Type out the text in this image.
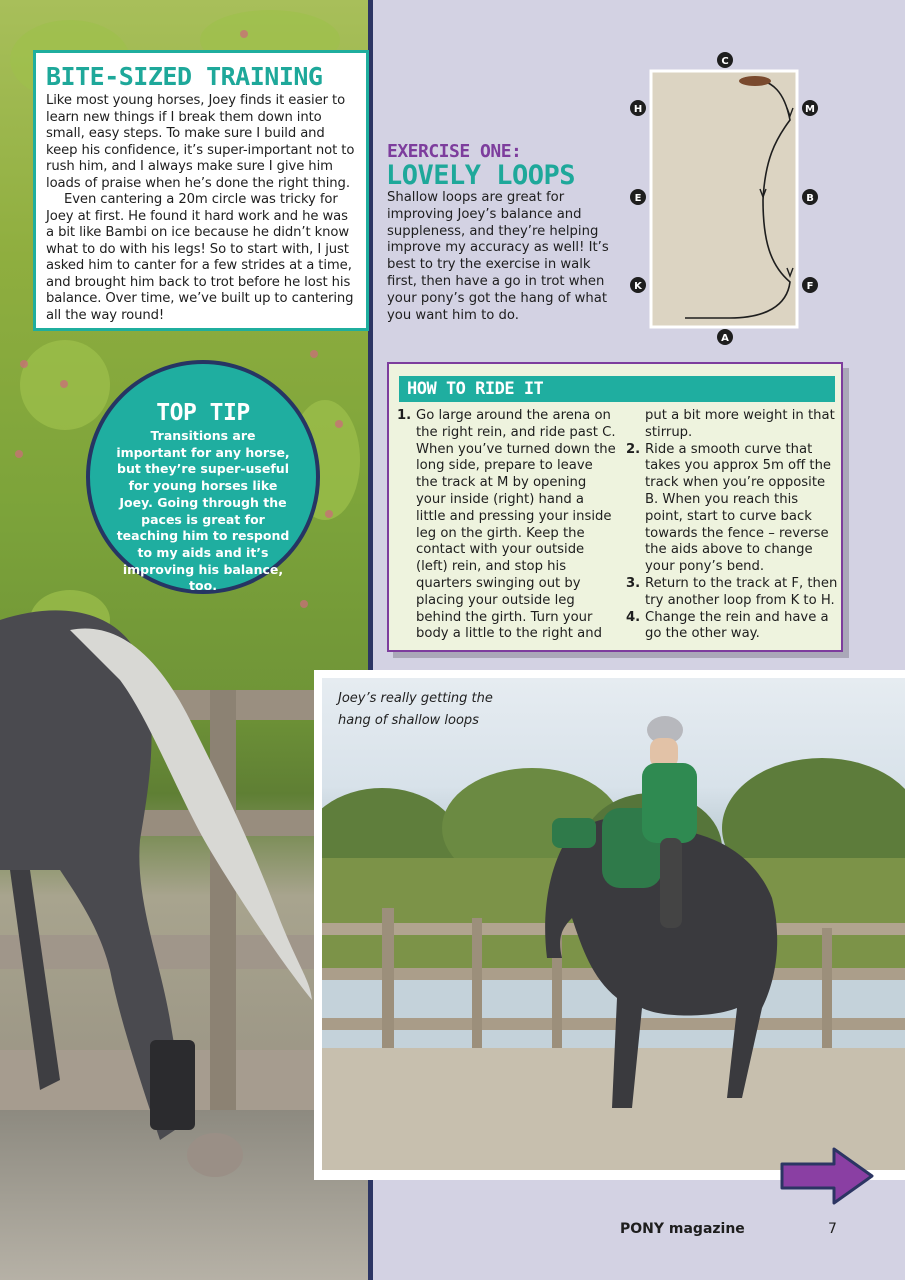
BITE-SIZED TRAINING

Like most young horses, Joey finds it easier to learn new things if I break them down into small, easy steps. To make sure I build and keep his confidence, it’s super-important not to rush him, and I always make sure I give him loads of praise when he’s done the right thing.

Even cantering a 20m circle was tricky for Joey at first. He found it hard work and he was a bit like Bambi on ice because he didn’t know what to do with his legs! So to start with, I just asked him to canter for a few strides at a time, and brought him back to trot before he lost his balance. Over time, we’ve built up to cantering all the way round!

TOP TIP
Transitions are important for any horse, but they’re super-useful for young horses like Joey. Going through the paces is great for teaching him to respond to my aids and it’s improving his balance, too.
EXERCISE ONE:
LOVELY LOOPS
Shallow loops are great for improving Joey’s balance and suppleness, and they’re helping improve my accuracy as well! It’s best to try the exercise in walk first, then have a go in trot when your pony’s got the hang of what you want him to do.
C
H	M
E	B
K	F
A
HOW TO RIDE IT
1. Go large around the arena on the right rein, and ride past C. When you’ve turned down the long side, prepare to leave the track at M by opening your inside (right) hand a little and pressing your inside leg on the girth. Keep the contact with your outside (left) rein, and stop his quarters swinging out by placing your outside leg behind the girth. Turn your body a little to the right and
put a bit more weight in that stirrup.
2. Ride a smooth curve that takes you approx 5m off the track when you’re opposite B. When you reach this point, start to curve back towards the fence – reverse the aids above to change your pony’s bend.
3. Return to the track at F, then try another loop from K to H.
4. Change the rein and have a go the other way.
Joey’s really getting the hang of shallow loops
PONY magazine	7
